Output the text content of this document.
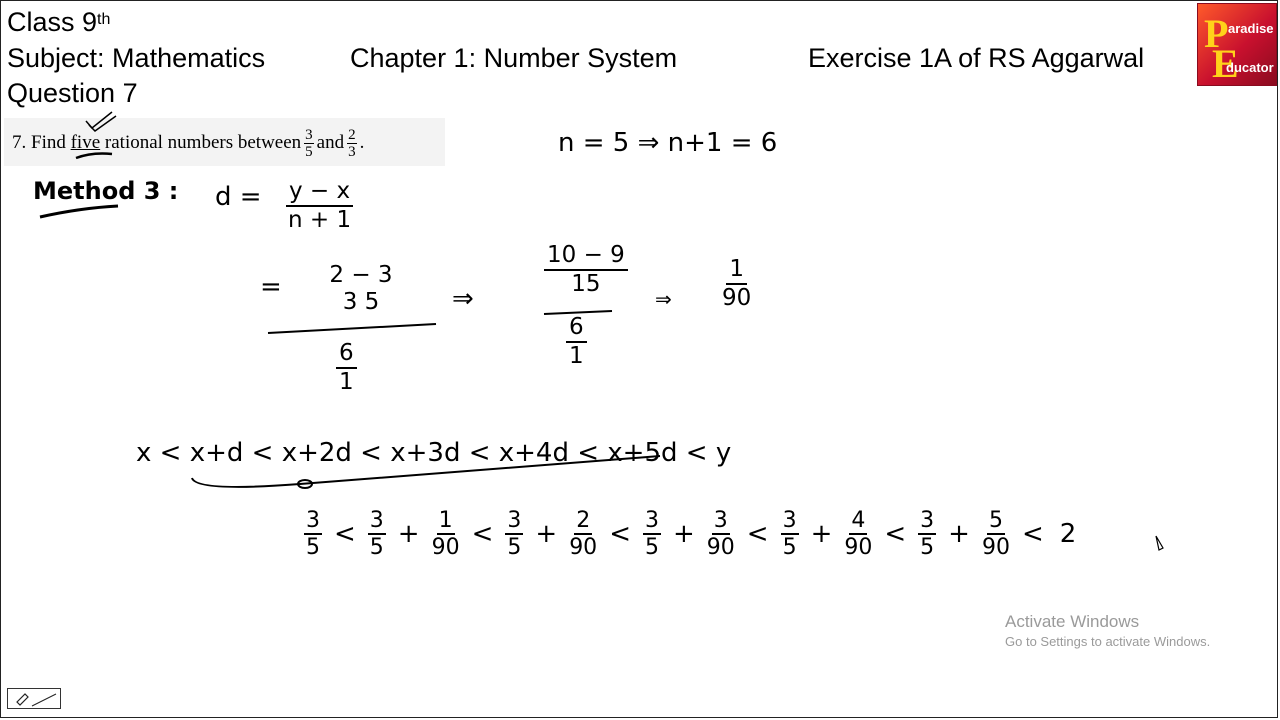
Class 9th
Subject: Mathematics	Chapter 1: Number System	Exercise 1A of RS Aggarwal
Question 7
P aradise
E
ducator
7. Find
five
rational numbers between $\frac{3}{5}$ and $\frac{2}{3}$ .	n = 5 ⇒ n+1 = 6
Method 3 : d = y − x
n + 1
= 2 − 3
3 5
6
1
⇒
10 − 9
15
6
1
⇒
1
90
x < x+d < x+2d < x+3d < x+4d < x+5d < y
3
5 < 3
$5 + \frac{1}{90} < 3$
$5 + \frac{2}{90} < 3$
$5 + \frac{3}{90} < 3$
$5 + \frac{4}{90} < 3$
$5 + \frac{5}{90} < 2$
Activate Windows
Go to Settings to activate Windows.
